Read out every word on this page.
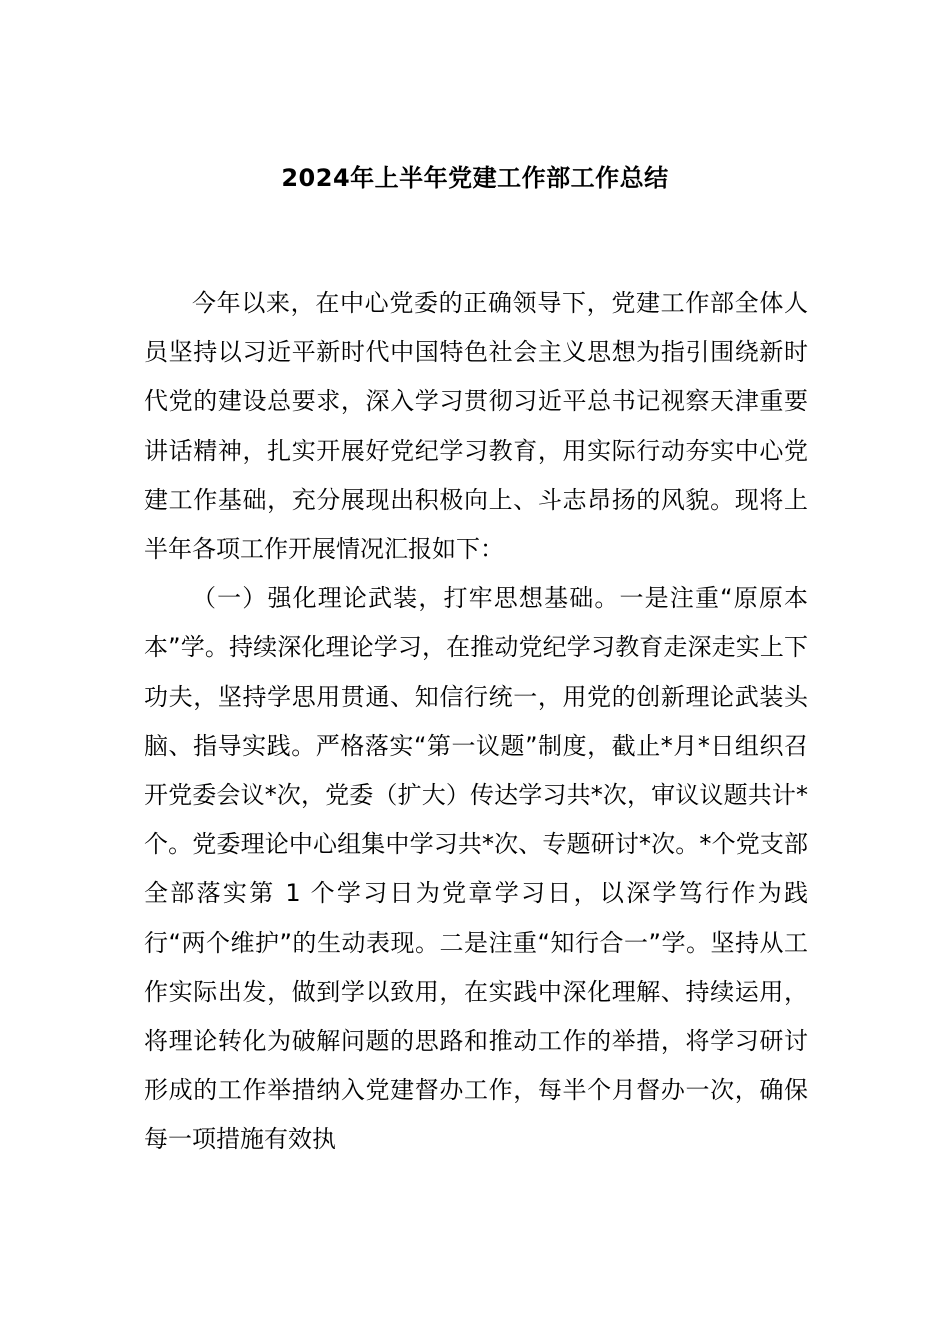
2024年上半年党建工作部工作总结

今年以来，在中心党委的正确领导下，党建工作部全体人员坚持以习近平新时代中国特色社会主义思想为指引围绕新时代党的建设总要求，深入学习贯彻习近平总书记视察天津重要讲话精神，扎实开展好党纪学习教育，用实际行动夯实中心党建工作基础，充分展现出积极向上、斗志昂扬的风貌。现将上半年各项工作开展情况汇报如下：

（一）强化理论武装，打牢思想基础。一是注重“原原本本”学。持续深化理论学习，在推动党纪学习教育走深走实上下功夫，坚持学思用贯通、知信行统一，用党的创新理论武装头脑、指导实践。严格落实“第一议题”制度，截止*月*日组织召开党委会议*次，党委（扩大）传达学习共*次，审议议题共计*个。党委理论中心组集中学习共*次、专题研讨*次。*个党支部全部落实第 1 个学习日为党章学习日，以深学笃行作为践行“两个维护”的生动表现。二是注重“知行合一”学。坚持从工作实际出发，做到学以致用，在实践中深化理解、持续运用，将理论转化为破解问题的思路和推动工作的举措，将学习研讨形成的工作举措纳入党建督办工作，每半个月督办一次，确保每一项措施有效执
